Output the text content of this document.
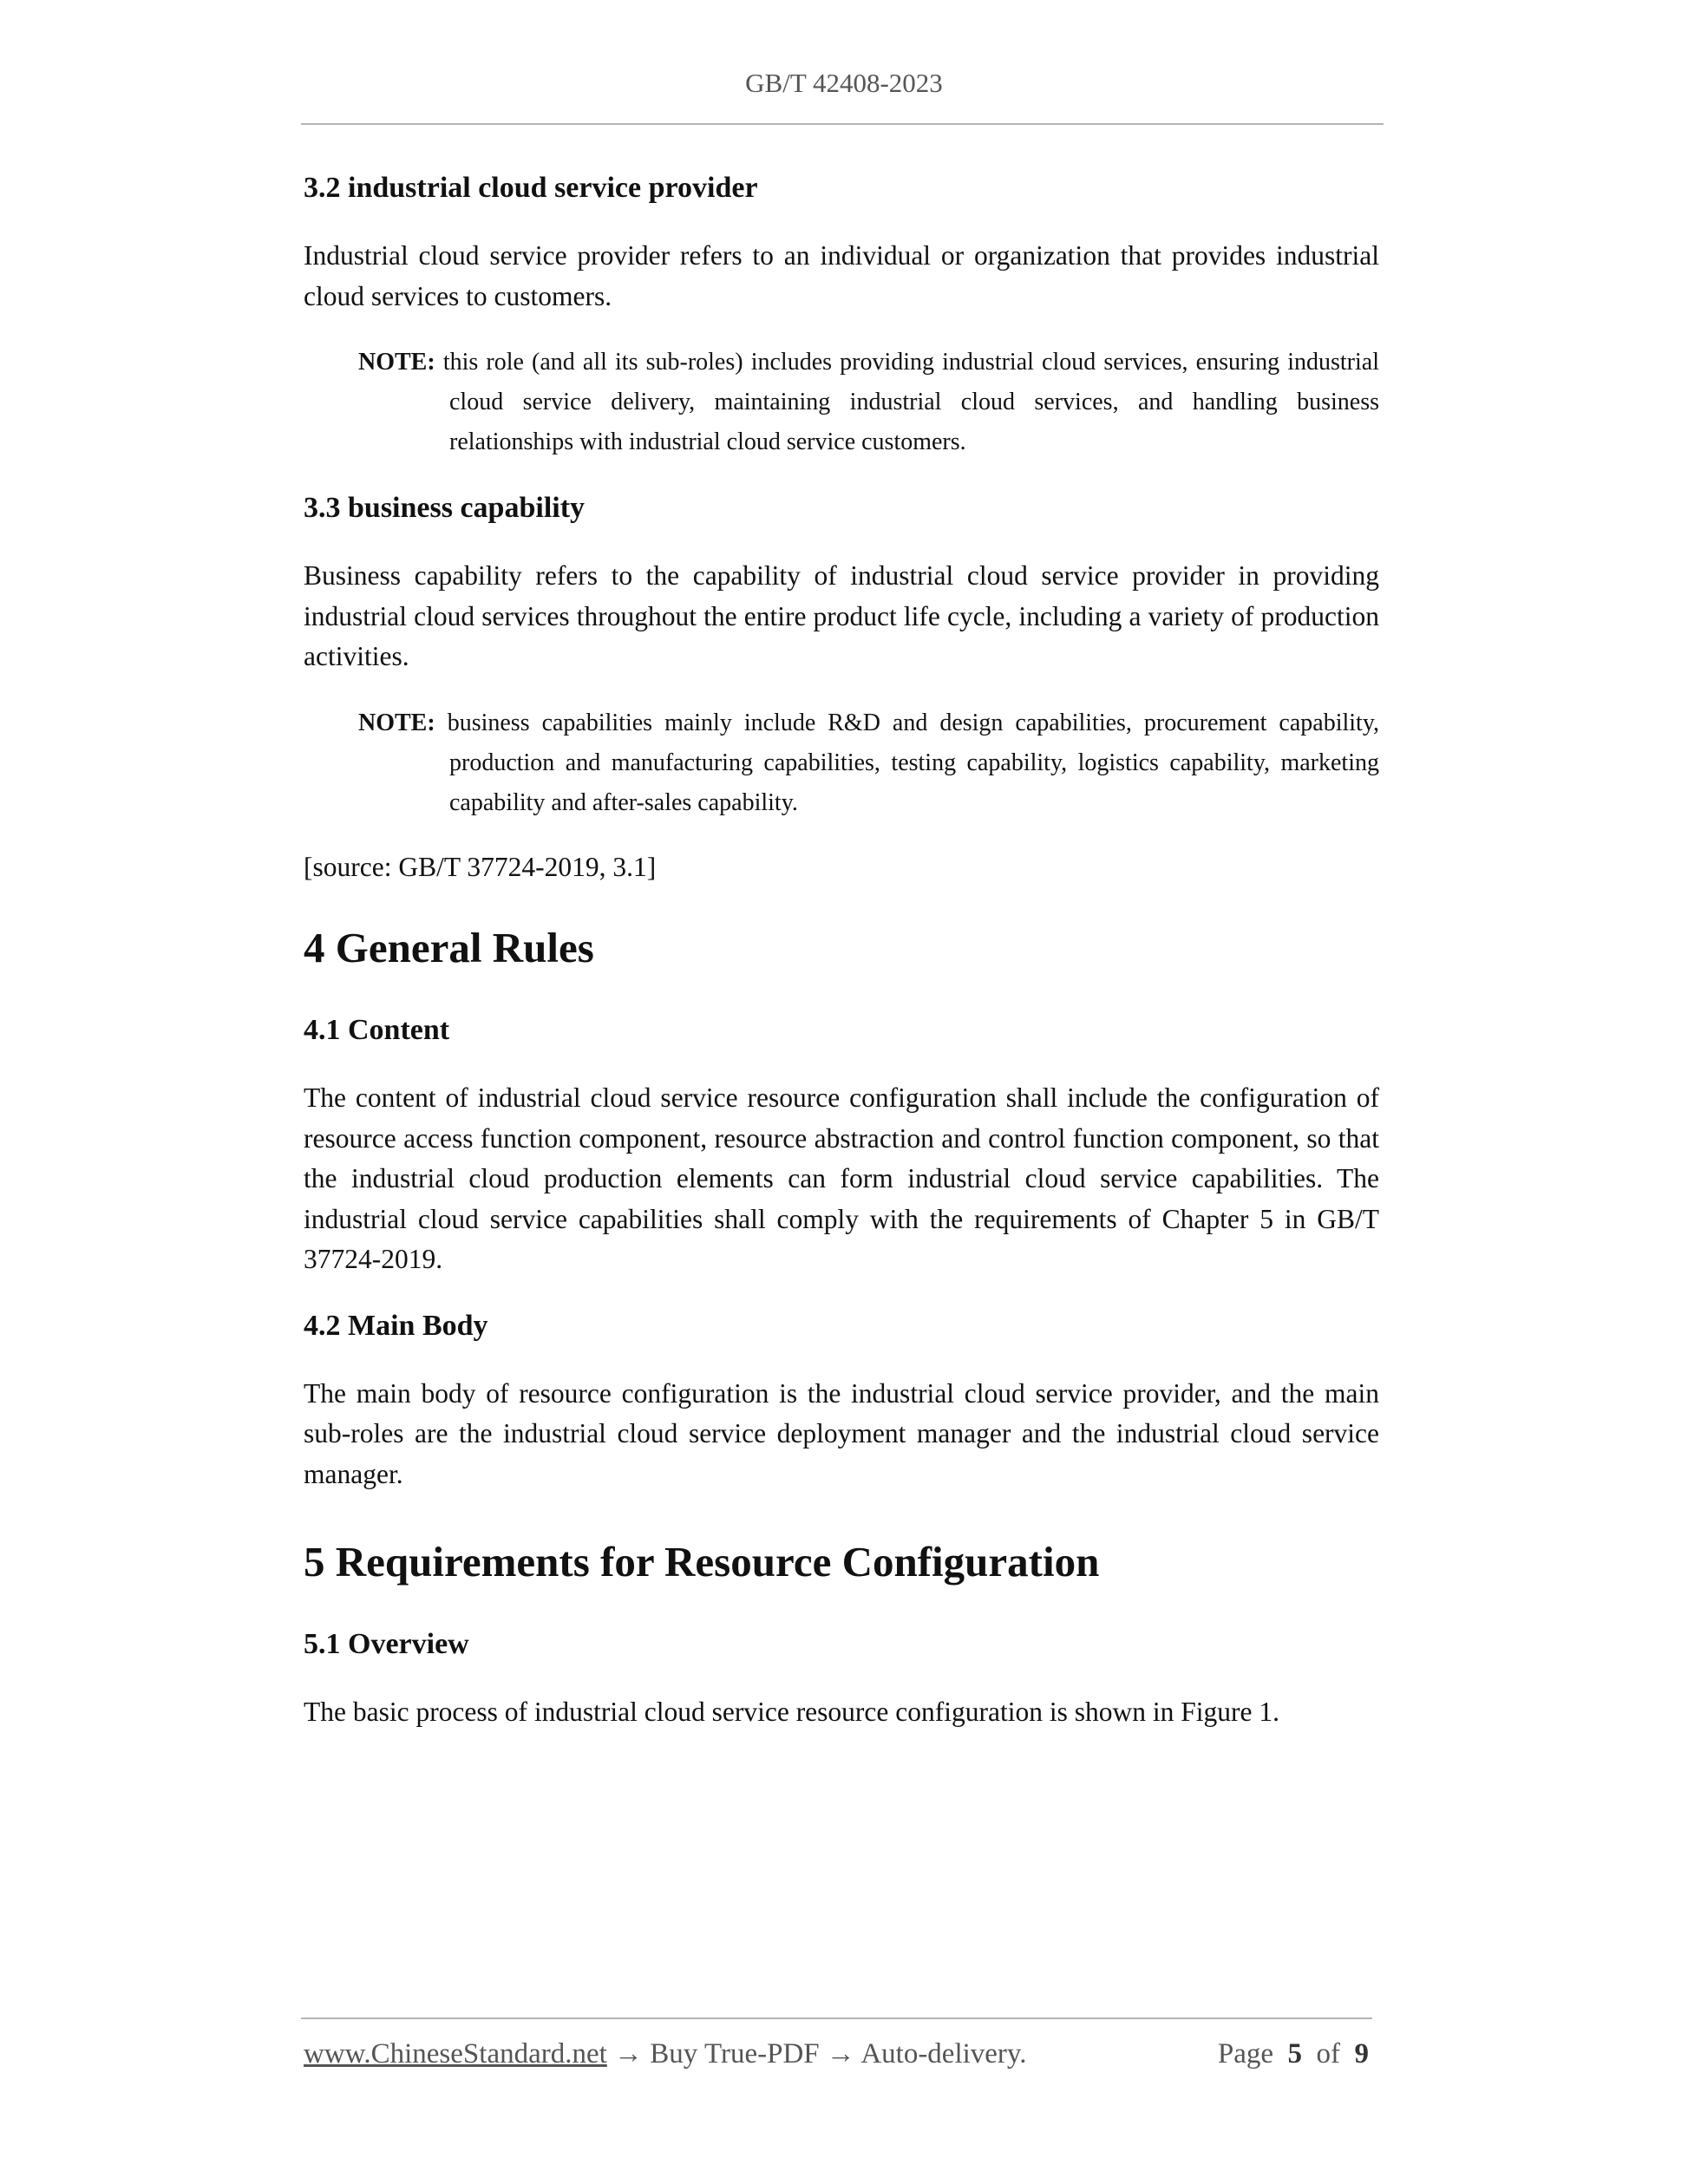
GB/T 42408-2023
3.2 industrial cloud service provider

Industrial cloud service provider refers to an individual or organization that provides industrial cloud services to customers.

NOTE: this role (and all its sub-roles) includes providing industrial cloud services, ensuring industrial cloud service delivery, maintaining industrial cloud services, and handling business relationships with industrial cloud service customers.

3.3 business capability

Business capability refers to the capability of industrial cloud service provider in providing industrial cloud services throughout the entire product life cycle, including a variety of production activities.

NOTE: business capabilities mainly include R&D and design capabilities, procurement capability, production and manufacturing capabilities, testing capability, logistics capability, marketing capability and after-sales capability.

[source: GB/T 37724-2019, 3.1]

4 General Rules
4.1 Content

The content of industrial cloud service resource configuration shall include the configuration of resource access function component, resource abstraction and control function component, so that the industrial cloud production elements can form industrial cloud service capabilities. The industrial cloud service capabilities shall comply with the requirements of Chapter 5 in GB/T 37724-2019.

4.2 Main Body

The main body of resource configuration is the industrial cloud service provider, and the main sub-roles are the industrial cloud service deployment manager and the industrial cloud service manager.

5 Requirements for Resource Configuration
5.1 Overview

The basic process of industrial cloud service resource configuration is shown in Figure 1.

www.ChineseStandard.net → Buy True-PDF → Auto-delivery.	Page 5 of 9
